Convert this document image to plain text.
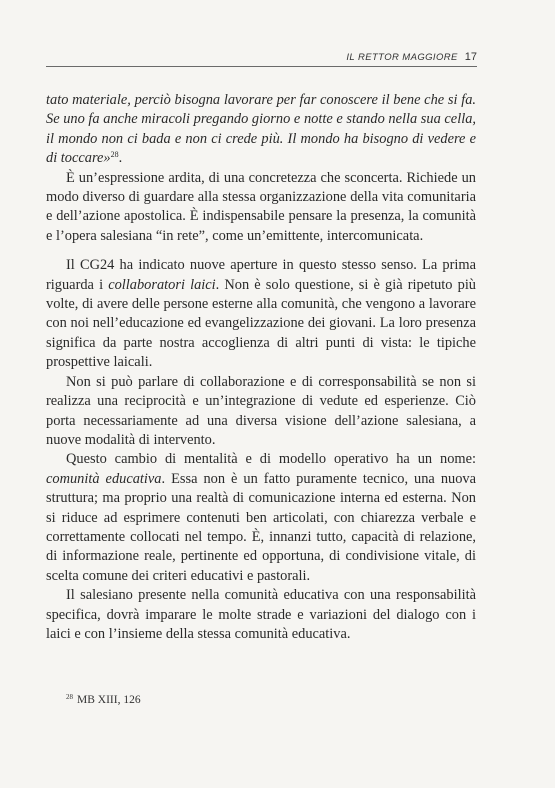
IL RETTOR MAGGIORE 17

tato materiale, perciò bisogna lavorare per far conoscere il bene che si fa. Se uno fa anche miracoli pregando giorno e notte e stando nella sua cella, il mondo non ci bada e non ci crede più. Il mondo ha bisogno di vedere e di toccare»$^{28}$.

È un’espressione ardita, di una concretezza che sconcerta. Richiede un modo diverso di guardare alla stessa organizzazione della vita comunitaria e dell’azione apostolica. È indispensabile pensare la presenza, la comunità e l’opera salesiana “in rete”, come un’emittente, intercomunicata.

Il CG24 ha indicato nuove aperture in questo stesso senso. La prima riguarda i collaboratori laici. Non è solo questione, si è già ripetuto più volte, di avere delle persone esterne alla comunità, che vengono a lavorare con noi nell’educazione ed evangelizzazione dei giovani. La loro presenza significa da parte nostra accoglienza di altri punti di vista: le tipiche prospettive laicali.

Non si può parlare di collaborazione e di corresponsabilità se non si realizza una reciprocità e un’integrazione di vedute ed esperienze. Ciò porta necessariamente ad una diversa visione dell’azione salesiana, a nuove modalità di intervento.

Questo cambio di mentalità e di modello operativo ha un nome: comunità educativa. Essa non è un fatto puramente tecnico, una nuova struttura; ma proprio una realtà di comunicazione interna ed esterna. Non si riduce ad esprimere contenuti ben articolati, con chiarezza verbale e correttamente collocati nel tempo. È, innanzi tutto, capacità di relazione, di informazione reale, pertinente ed opportuna, di condivisione vitale, di scelta comune dei criteri educativi e pastorali.

Il salesiano presente nella comunità educativa con una responsabilità specifica, dovrà imparare le molte strade e variazioni del dialogo con i laici e con l’insieme della stessa comunità educativa.

$^{28}$ MB XIII, 126
